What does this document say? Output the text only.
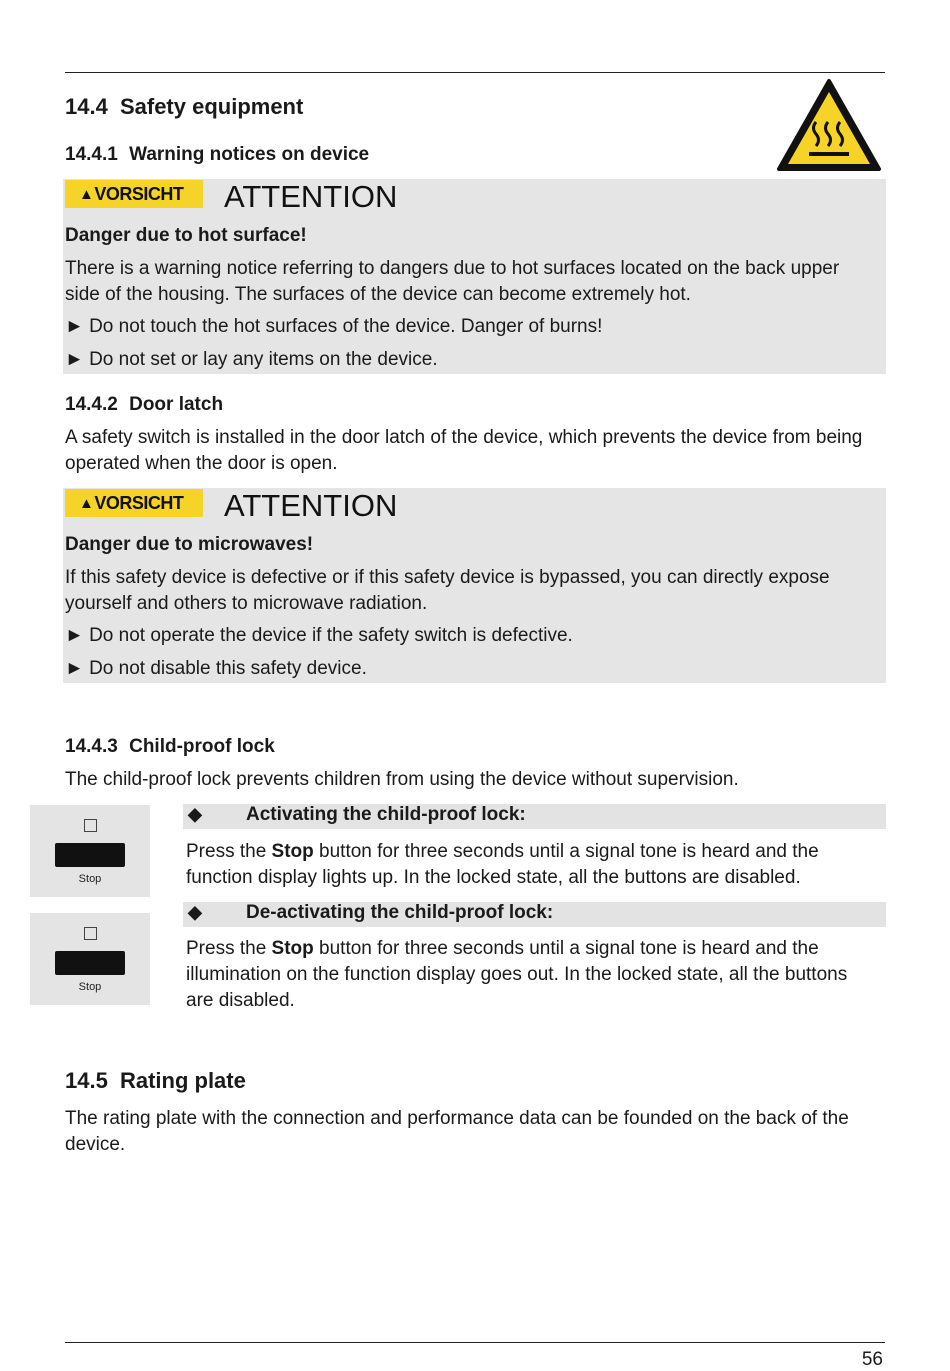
14.4 Safety equipment
14.4.1 Warning notices on device
▲ VORSICHT ATTENTION
Danger due to hot surface!
There is a warning notice referring to dangers due to hot surfaces located on the back upper side of the housing. The surfaces of the device can become extremely hot.
► Do not touch the hot surfaces of the device. Danger of burns!
► Do not set or lay any items on the device.
14.4.2 Door latch
A safety switch is installed in the door latch of the device, which prevents the device from being operated when the door is open.
▲ VORSICHT ATTENTION
Danger due to microwaves!
If this safety device is defective or if this safety device is bypassed, you can directly expose yourself and others to microwave radiation.
► Do not operate the device if the safety switch is defective.
► Do not disable this safety device.
14.4.3 Child-proof lock
The child-proof lock prevents children from using the device without supervision.
Stop
◆ Activating the child-proof lock:
Press the Stop button for three seconds until a signal tone is heard and the function display lights up. In the locked state, all the buttons are disabled.
Stop
◆ De-activating the child-proof lock:
Press the Stop button for three seconds until a signal tone is heard and the illumination on the function display goes out. In the locked state, all the buttons are disabled.
14.5 Rating plate
The rating plate with the connection and performance data can be founded on the back of the device.
56
